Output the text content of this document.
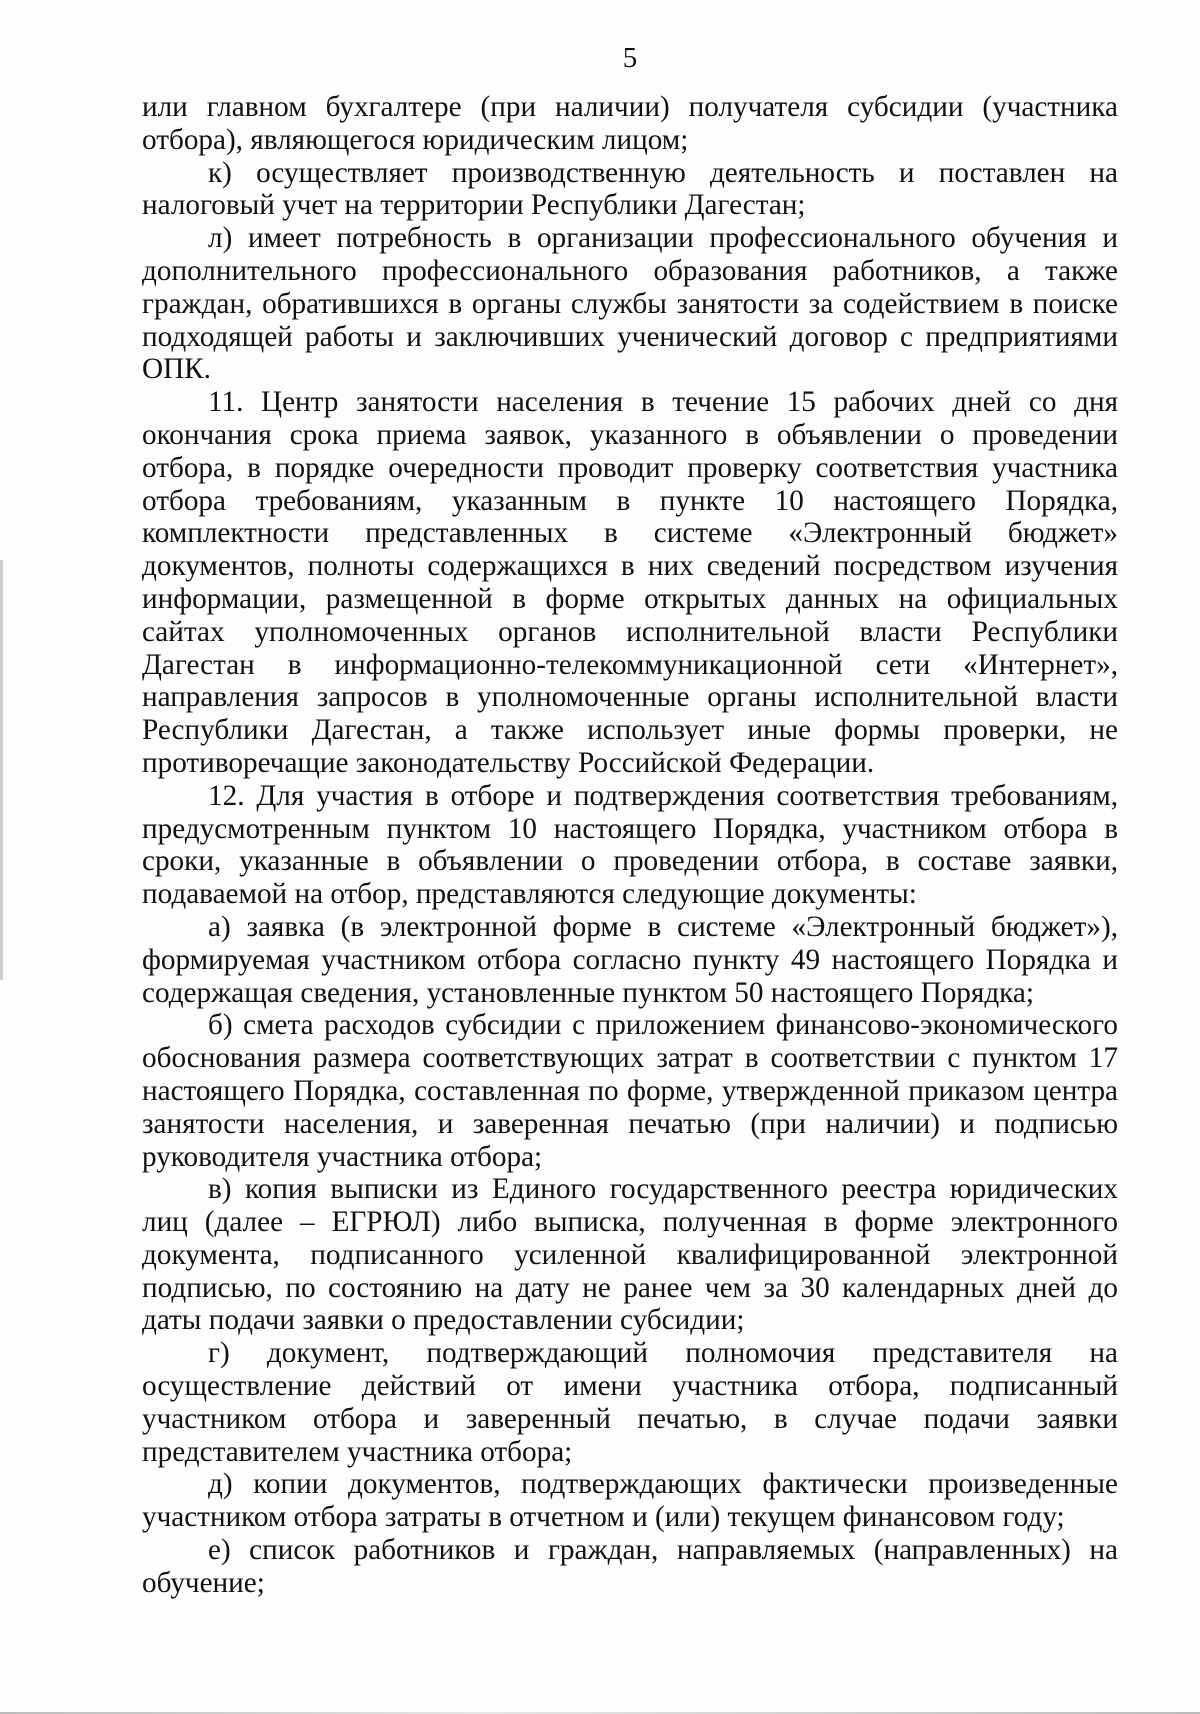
5

или главном бухгалтере (при наличии) получателя субсидии (участника отбора), являющегося юридическим лицом;

к) осуществляет производственную деятельность и поставлен на налоговый учет на территории Республики Дагестан;

л) имеет потребность в организации профессионального обучения и дополнительного профессионального образования работников, а также граждан, обратившихся в органы службы занятости за содействием в поиске подходящей работы и заключивших ученический договор с предприятиями ОПК.

11. Центр занятости населения в течение 15 рабочих дней со дня окончания срока приема заявок, указанного в объявлении о проведении отбора, в порядке очередности проводит проверку соответствия участника отбора требованиям, указанным в пункте 10 настоящего Порядка, комплектности представленных в системе «Электронный бюджет» документов, полноты содержащихся в них сведений посредством изучения информации, размещенной в форме открытых данных на официальных сайтах уполномоченных органов исполнительной власти Республики Дагестан в информационно-телекоммуникационной сети «Интернет», направления запросов в уполномоченные органы исполнительной власти Республики Дагестан, а также использует иные формы проверки, не противоречащие законодательству Российской Федерации.

12. Для участия в отборе и подтверждения соответствия требованиям, предусмотренным пунктом 10 настоящего Порядка, участником отбора в сроки, указанные в объявлении о проведении отбора, в составе заявки, подаваемой на отбор, представляются следующие документы:

а) заявка (в электронной форме в системе «Электронный бюджет»), формируемая участником отбора согласно пункту 49 настоящего Порядка и содержащая сведения, установленные пунктом 50 настоящего Порядка;

б) смета расходов субсидии с приложением финансово-экономического обоснования размера соответствующих затрат в соответствии с пунктом 17 настоящего Порядка, составленная по форме, утвержденной приказом центра занятости населения, и заверенная печатью (при наличии) и подписью руководителя участника отбора;

в) копия выписки из Единого государственного реестра юридических лиц (далее – ЕГРЮЛ) либо выписка, полученная в форме электронного документа, подписанного усиленной квалифицированной электронной подписью, по состоянию на дату не ранее чем за 30 календарных дней до даты подачи заявки о предоставлении субсидии;

г) документ, подтверждающий полномочия представителя на осуществление действий от имени участника отбора, подписанный участником отбора и заверенный печатью, в случае подачи заявки представителем участника отбора;

д) копии документов, подтверждающих фактически произведенные участником отбора затраты в отчетном и (или) текущем финансовом году;

е) список работников и граждан, направляемых (направленных) на обучение;
